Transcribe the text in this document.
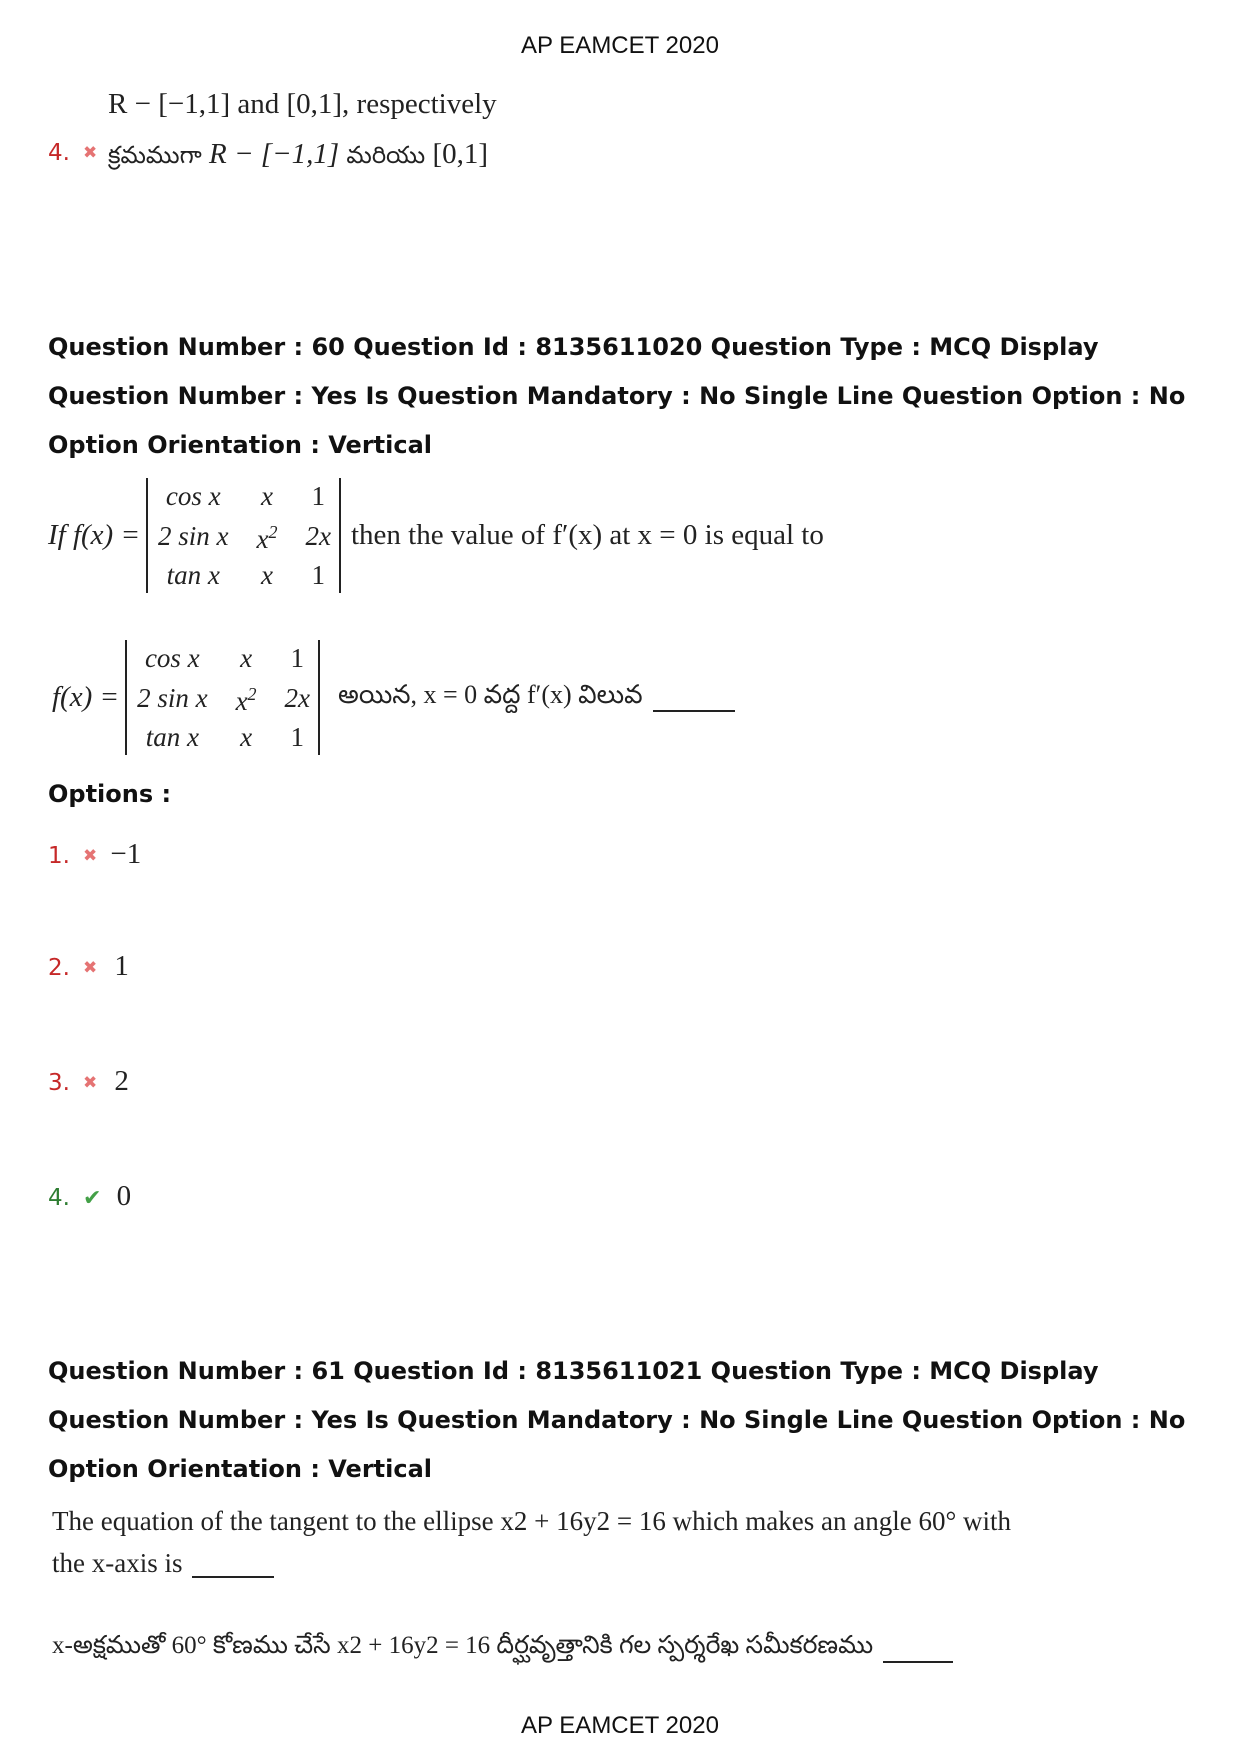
AP EAMCET 2020
R − [−1,1] and [0,1], respectively
4. ✖ క్రమముగా R − [−1,1] మరియు [0,1]
Question Number : 60 Question Id : 8135611020 Question Type : MCQ Display Question Number : Yes Is Question Mandatory : No Single Line Question Option : No Option Orientation : Vertical
If f(x) =
cos x	x	1
2 sin x	$x^2$	2x
tan x	x	1
then the value of f′(x) at x = 0 is equal to
f(x) =
cos x	x	1
2 sin x	$x^2$	2x
tan x	x	1
అయిన, x = 0 వద్ద f′(x) విలువ
Options :
1. ✖ −1
2. ✖ 1
3. ✖ 2
4. ✔ 0
Question Number : 61 Question Id : 8135611021 Question Type : MCQ Display Question Number : Yes Is Question Mandatory : No Single Line Question Option : No Option Orientation : Vertical
The equation of the tangent to the ellipse x2 + 16y2 = 16 which makes an angle 60° with
the x-axis is
x-అక్షముతో 60° కోణము చేసే x2 + 16y2 = 16 దీర్ఘవృత్తానికి గల స్పర్శరేఖ సమీకరణము
AP EAMCET 2020
